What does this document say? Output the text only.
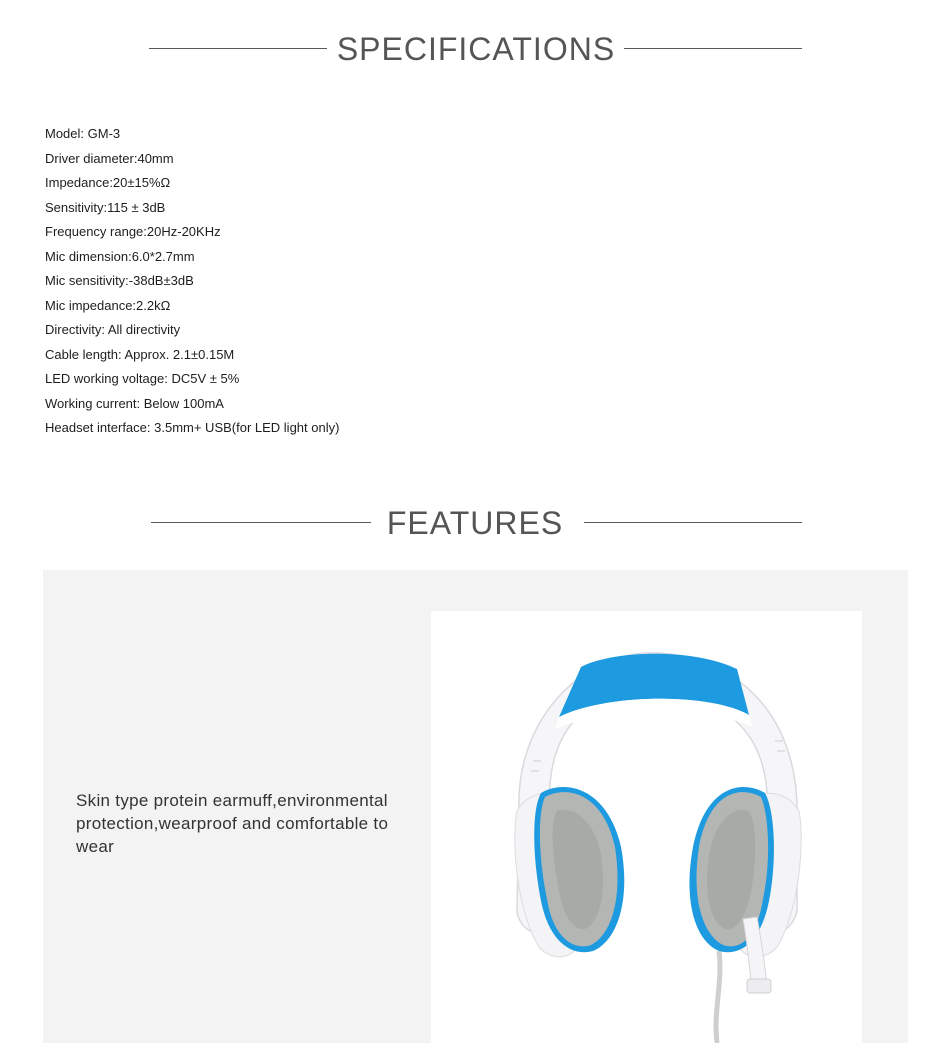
SPECIFICATIONS
Model: GM-3
Driver diameter:40mm
Impedance:20±15%Ω
Sensitivity:115 ± 3dB
Frequency range:20Hz-20KHz
Mic dimension:6.0*2.7mm
Mic sensitivity:-38dB±3dB
Mic impedance:2.2kΩ
Directivity: All directivity
Cable length: Approx. 2.1±0.15M
LED working voltage: DC5V ± 5%
Working current: Below 100mA
Headset interface: 3.5mm+ USB(for LED light only)
FEATURES
Skin type protein earmuff,environmental protection,wearproof and comfortable to wear
